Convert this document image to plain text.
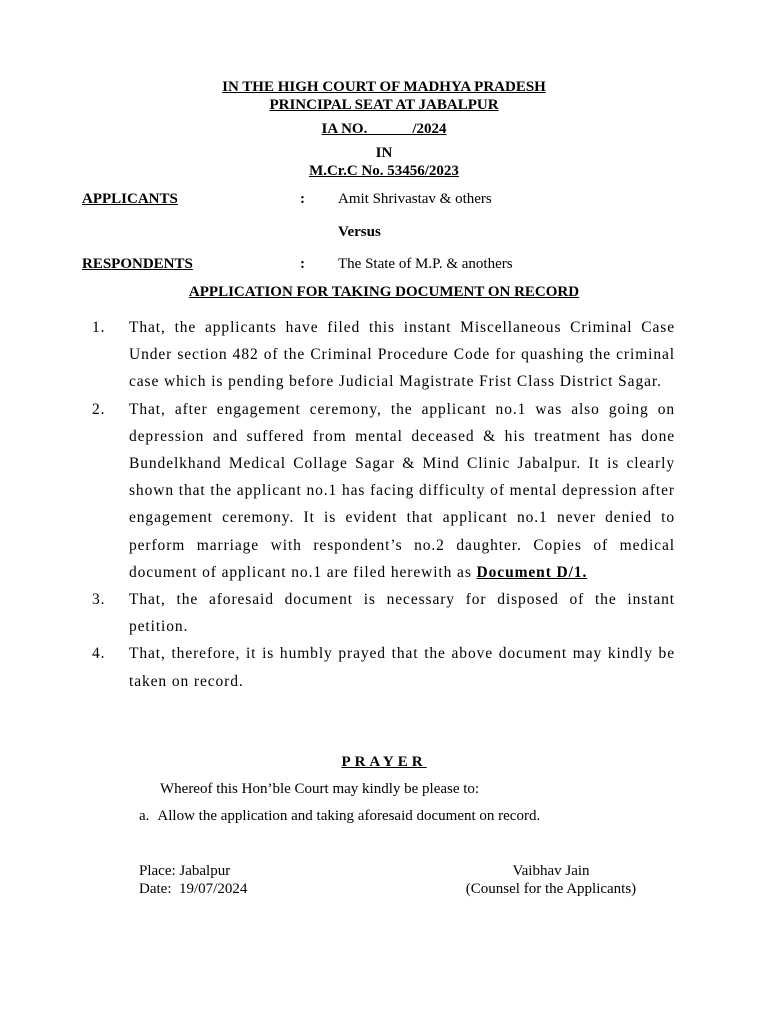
IN THE HIGH COURT OF MADHYA PRADESH
PRINCIPAL SEAT AT JABALPUR
IA NO.            /2024
IN
M.Cr.C No. 53456/2023
APPLICANTS	: Amit Shrivastav & others
Versus
RESPONDENTS	: The State of M.P. & anothers
APPLICATION FOR TAKING DOCUMENT ON RECORD
1. That, the applicants have filed this instant Miscellaneous Criminal Case Under section 482 of the Criminal Procedure Code for quashing the criminal case which is pending before Judicial Magistrate Frist Class District Sagar.
2. That, after engagement ceremony, the applicant no.1 was also going on depression and suffered from mental deceased & his treatment has done Bundelkhand Medical Collage Sagar & Mind Clinic Jabalpur. It is clearly shown that the applicant no.1 has facing difficulty of mental depression after engagement ceremony. It is evident that applicant no.1 never denied to perform marriage with respondent’s no.2 daughter. Copies of medical document of applicant no.1 are filed herewith as Document D/1.
3. That, the aforesaid document is necessary for disposed of the instant petition.
4. That, therefore, it is humbly prayed that the above document may kindly be taken on record.
PRAYER
Whereof this Hon’ble Court may kindly be please to:
a. Allow the application and taking aforesaid document on record.
Place: Jabalpur
Date:  19/07/2024
Vaibhav Jain
(Counsel for the Applicants)
